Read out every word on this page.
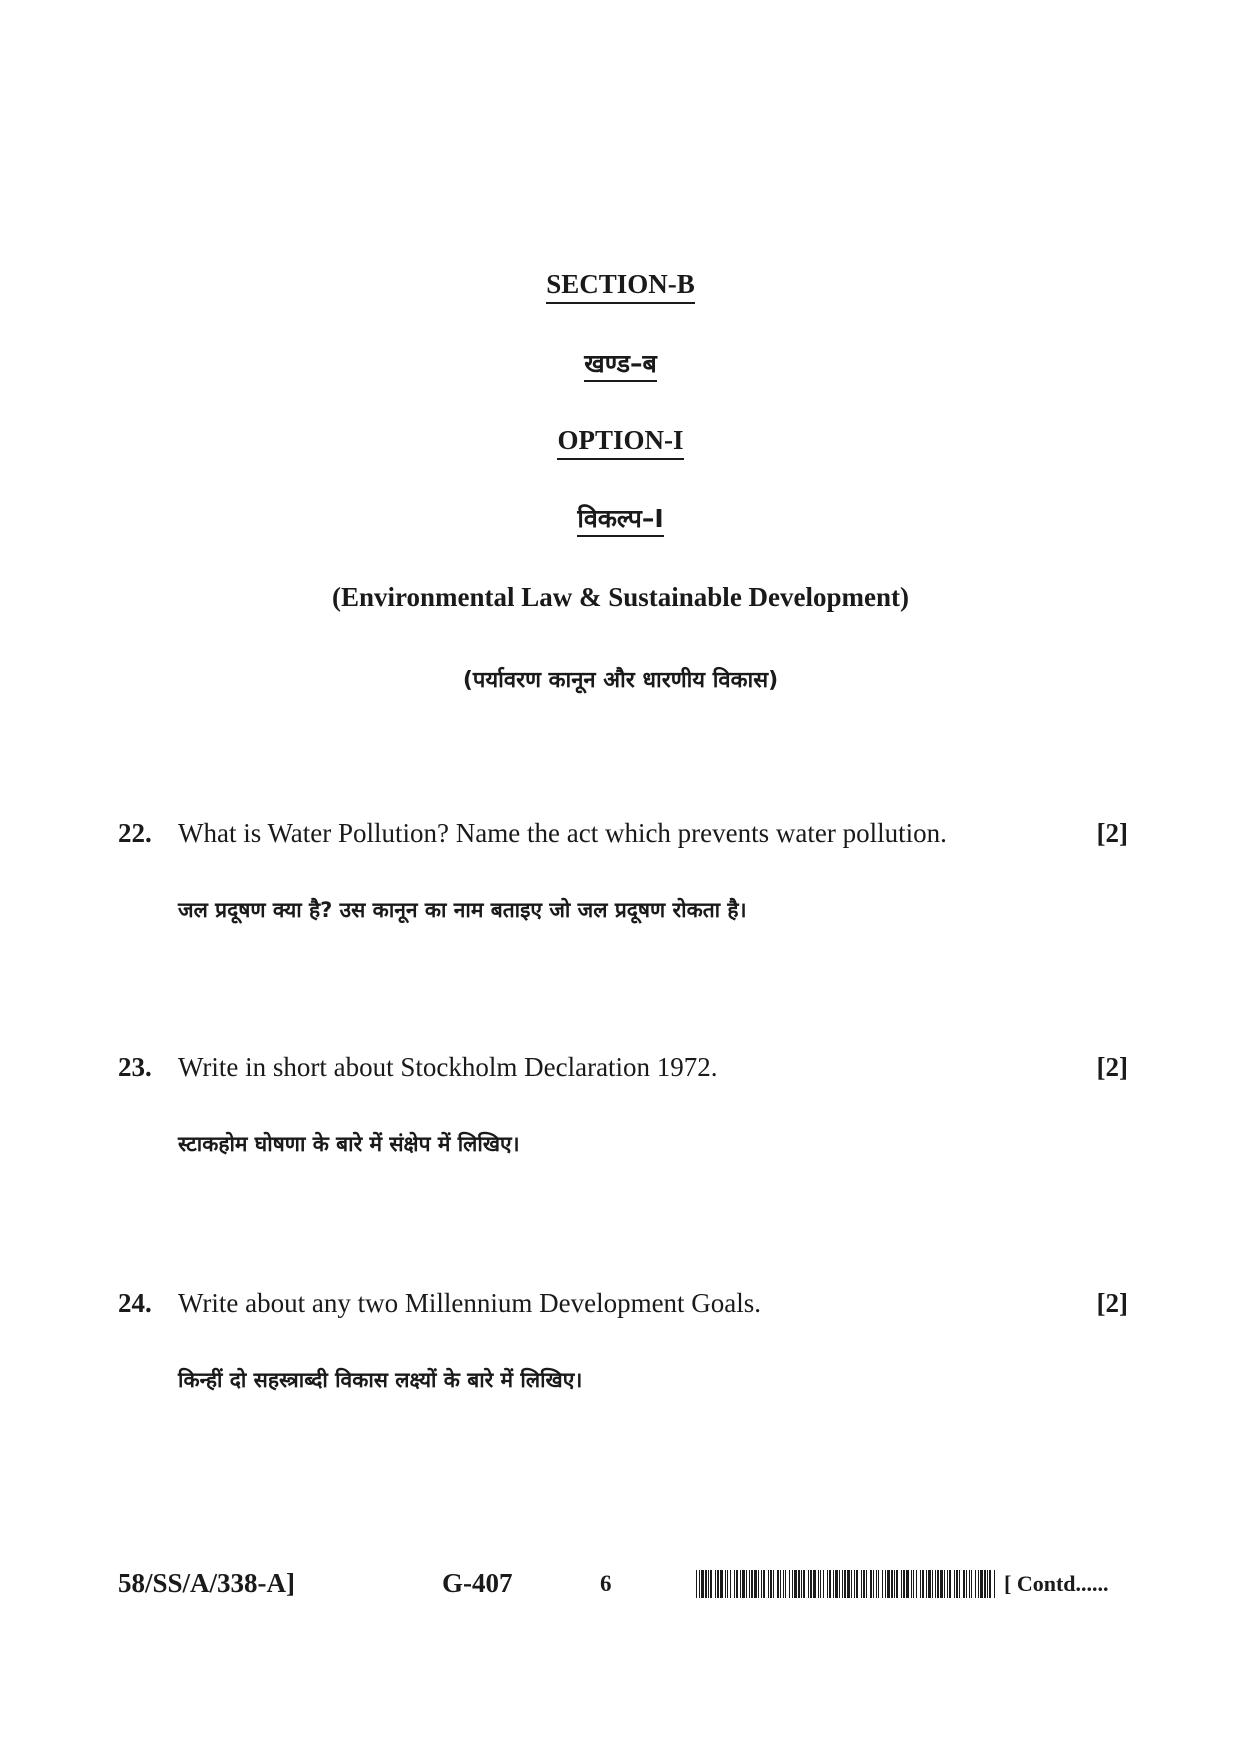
SECTION-B
खण्ड–ब
OPTION-I
विकल्प–I
(Environmental Law & Sustainable Development)
(पर्यावरण कानून और धारणीय विकास)
22. What is Water Pollution? Name the act which prevents water pollution.	[2]
जल प्रदूषण क्या है? उस कानून का नाम बताइए जो जल प्रदूषण रोकता है।
23. Write in short about Stockholm Declaration 1972.	[2]
स्टाकहोम घोषणा के बारे में संक्षेप में लिखिए।
24. Write about any two Millennium Development Goals.	[2]
किन्हीं दो सहस्त्राब्दी विकास लक्ष्यों के बारे में लिखिए।
58/SS/A/338-A]	G-407	6	[ Contd......
